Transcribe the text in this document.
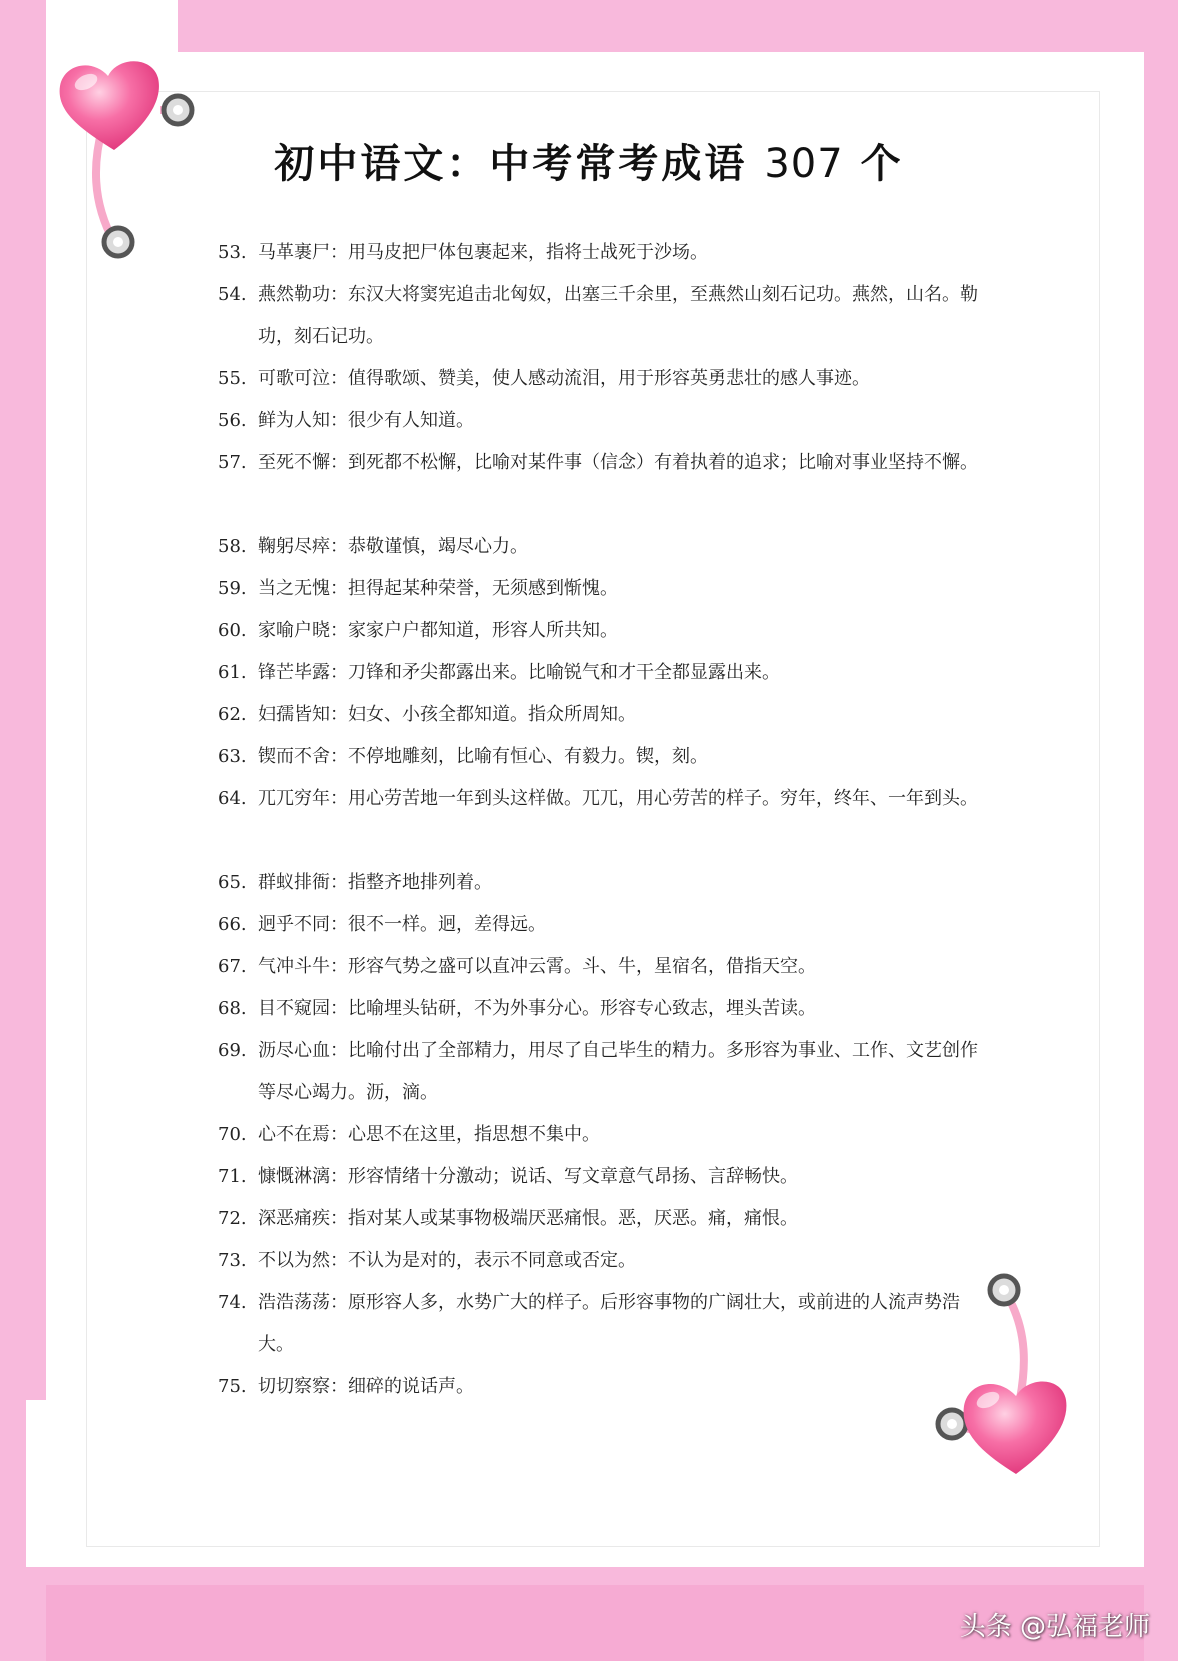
初中语文：中考常考成语 307 个
53. 马革裹尸：用马皮把尸体包裹起来，指将士战死于沙场。
54. 燕然勒功：东汉大将窦宪追击北匈奴，出塞三千余里，至燕然山刻石记功。燕然，山名。勒功，刻石记功。
55. 可歌可泣：值得歌颂、赞美，使人感动流泪，用于形容英勇悲壮的感人事迹。
56. 鲜为人知：很少有人知道。
57. 至死不懈：到死都不松懈，比喻对某件事（信念）有着执着的追求；比喻对事业坚持不懈。
58. 鞠躬尽瘁：恭敬谨慎，竭尽心力。
59. 当之无愧：担得起某种荣誉，无须感到惭愧。
60. 家喻户晓：家家户户都知道，形容人所共知。
61. 锋芒毕露：刀锋和矛尖都露出来。比喻锐气和才干全都显露出来。
62. 妇孺皆知：妇女、小孩全都知道。指众所周知。
63. 锲而不舍：不停地雕刻，比喻有恒心、有毅力。锲，刻。
64. 兀兀穷年：用心劳苦地一年到头这样做。兀兀，用心劳苦的样子。穷年，终年、一年到头。
65. 群蚁排衙：指整齐地排列着。
66. 迥乎不同：很不一样。迥，差得远。
67. 气冲斗牛：形容气势之盛可以直冲云霄。斗、牛，星宿名，借指天空。
68. 目不窥园：比喻埋头钻研，不为外事分心。形容专心致志，埋头苦读。
69. 沥尽心血：比喻付出了全部精力，用尽了自己毕生的精力。多形容为事业、工作、文艺创作等尽心竭力。沥，滴。
70. 心不在焉：心思不在这里，指思想不集中。
71. 慷慨淋漓：形容情绪十分激动；说话、写文章意气昂扬、言辞畅快。
72. 深恶痛疾：指对某人或某事物极端厌恶痛恨。恶，厌恶。痛，痛恨。
73. 不以为然：不认为是对的，表示不同意或否定。
74. 浩浩荡荡：原形容人多，水势广大的样子。后形容事物的广阔壮大，或前进的人流声势浩大。
75. 切切察察：细碎的说话声。
头条 @弘福老师
